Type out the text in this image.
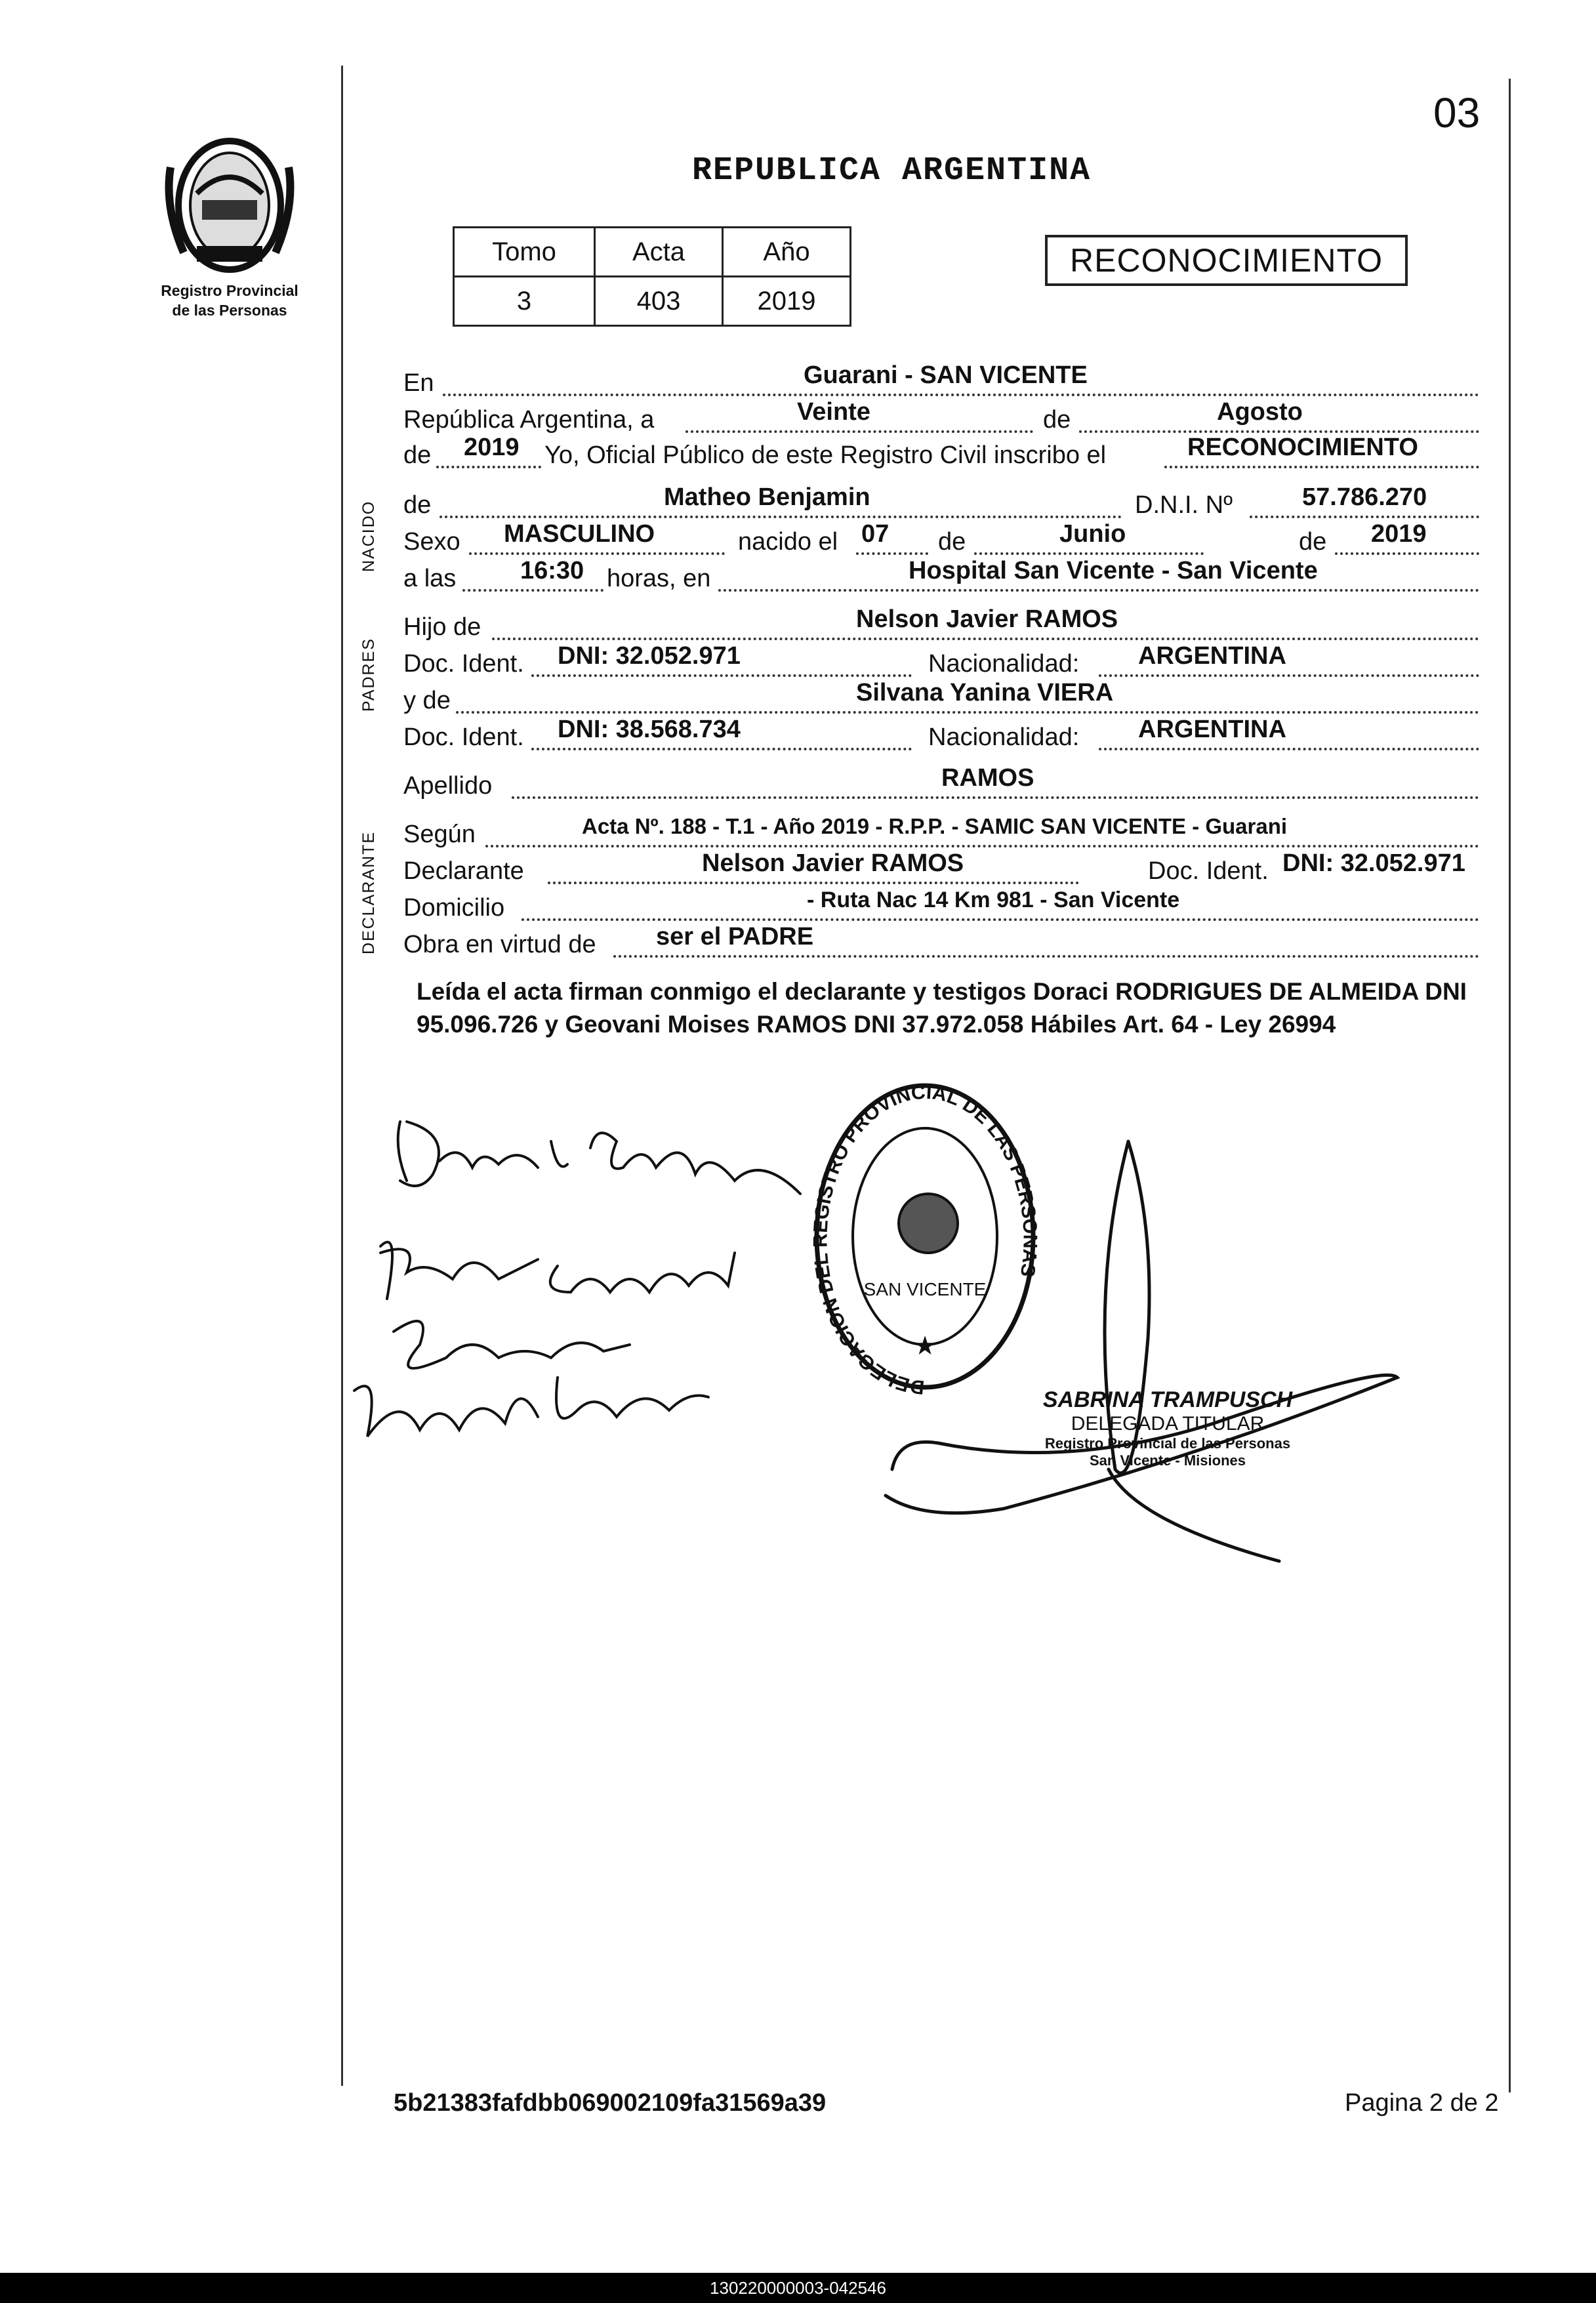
03
Registro Provincial
de las Personas
REPUBLICA ARGENTINA
Tomo	Acta	Año
3	403	2019
RECONOCIMIENTO
NACIDO
PADRES
DECLARANTE
En	Guarani - SAN VICENTE
República Argentina, a	Veinte	de	Agosto
de 2019 Yo, Oficial Público de este Registro Civil inscribo el	RECONOCIMIENTO
de	Matheo Benjamin	D.N.I. Nº	57.786.270
Sexo MASCULINO	nacido el 07 de	Junio	de 2019
a las	16:30 horas, en	Hospital San Vicente - San Vicente
Hijo de	Nelson Javier RAMOS
Doc. Ident. DNI: 32.052.971	Nacionalidad: ARGENTINA
y de	Silvana Yanina VIERA
Doc. Ident. DNI: 38.568.734	Nacionalidad: ARGENTINA
Apellido	RAMOS
Según	Acta Nº. 188 - T.1 - Año 2019 - R.P.P. - SAMIC SAN VICENTE - Guarani
Declarante	Nelson Javier RAMOS	Doc. Ident. DNI: 32.052.971
Domicilio	- Ruta Nac 14 Km 981 - San Vicente
Obra en virtud de ser el PADRE
Leída el acta firman conmigo el declarante y testigos Doraci RODRIGUES DE ALMEIDA DNI 95.096.726 y Geovani Moises RAMOS DNI 37.972.058 Hábiles Art. 64 - Ley 26994
DELEGACION DEL REGISTRO PROVINCIAL DE LAS PERSONAS
SAN VICENTE
★
SABRINA TRAMPUSCH
DELEGADA TITULAR
Registro Provincial de las Personas
San Vicente - Misiones
5b21383fafdbb069002109fa31569a39	Pagina 2 de 2
130220000003-042546
